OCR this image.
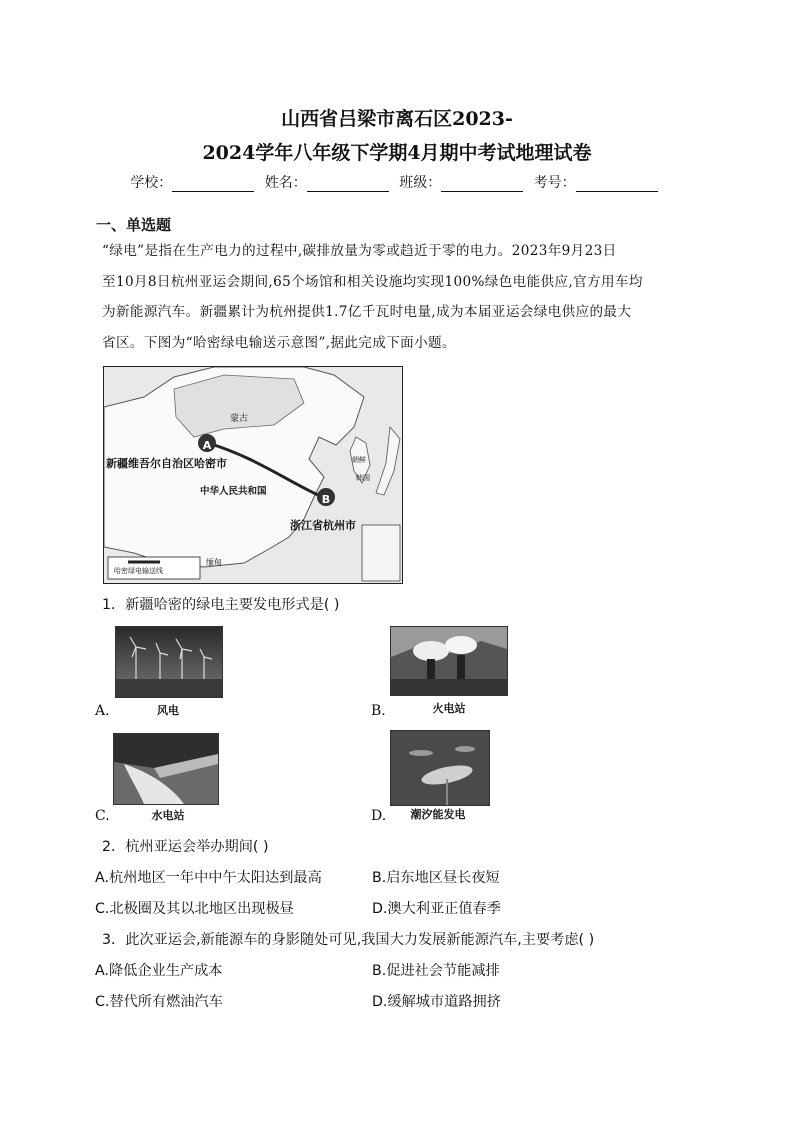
山西省吕梁市离石区2023-
2024学年八年级下学期4月期中考试地理试卷
学校：	姓名：	班级：	考号：
一、单选题
“绿电”是指在生产电力的过程中,碳排放量为零或趋近于零的电力。2023年9月23日
至10月8日杭州亚运会期间,65个场馆和相关设施均实现100%绿色电能供应,官方用车均
为新能源汽车。新疆累计为杭州提供1.7亿千瓦时电量,成为本届亚运会绿电供应的最大
省区。下图为“哈密绿电输送示意图”,据此完成下面小题。
A
B
蒙古
新疆维吾尔自治区哈密市
中华人民共和国
浙江省杭州市
朝鲜
韩国
缅甸
哈密绿电输送线
1．新疆哈密的绿电主要发电形式是( )
A.	风电	B.	火电站
C.	水电站	D.	潮汐能发电
2．杭州亚运会举办期间( )
A.杭州地区一年中中午太阳达到最高	B.启东地区昼长夜短
C.北极圈及其以北地区出现极昼	D.澳大利亚正值春季
3．此次亚运会,新能源车的身影随处可见,我国大力发展新能源汽车,主要考虑( )
A.降低企业生产成本	B.促进社会节能减排
C.替代所有燃油汽车	D.缓解城市道路拥挤
